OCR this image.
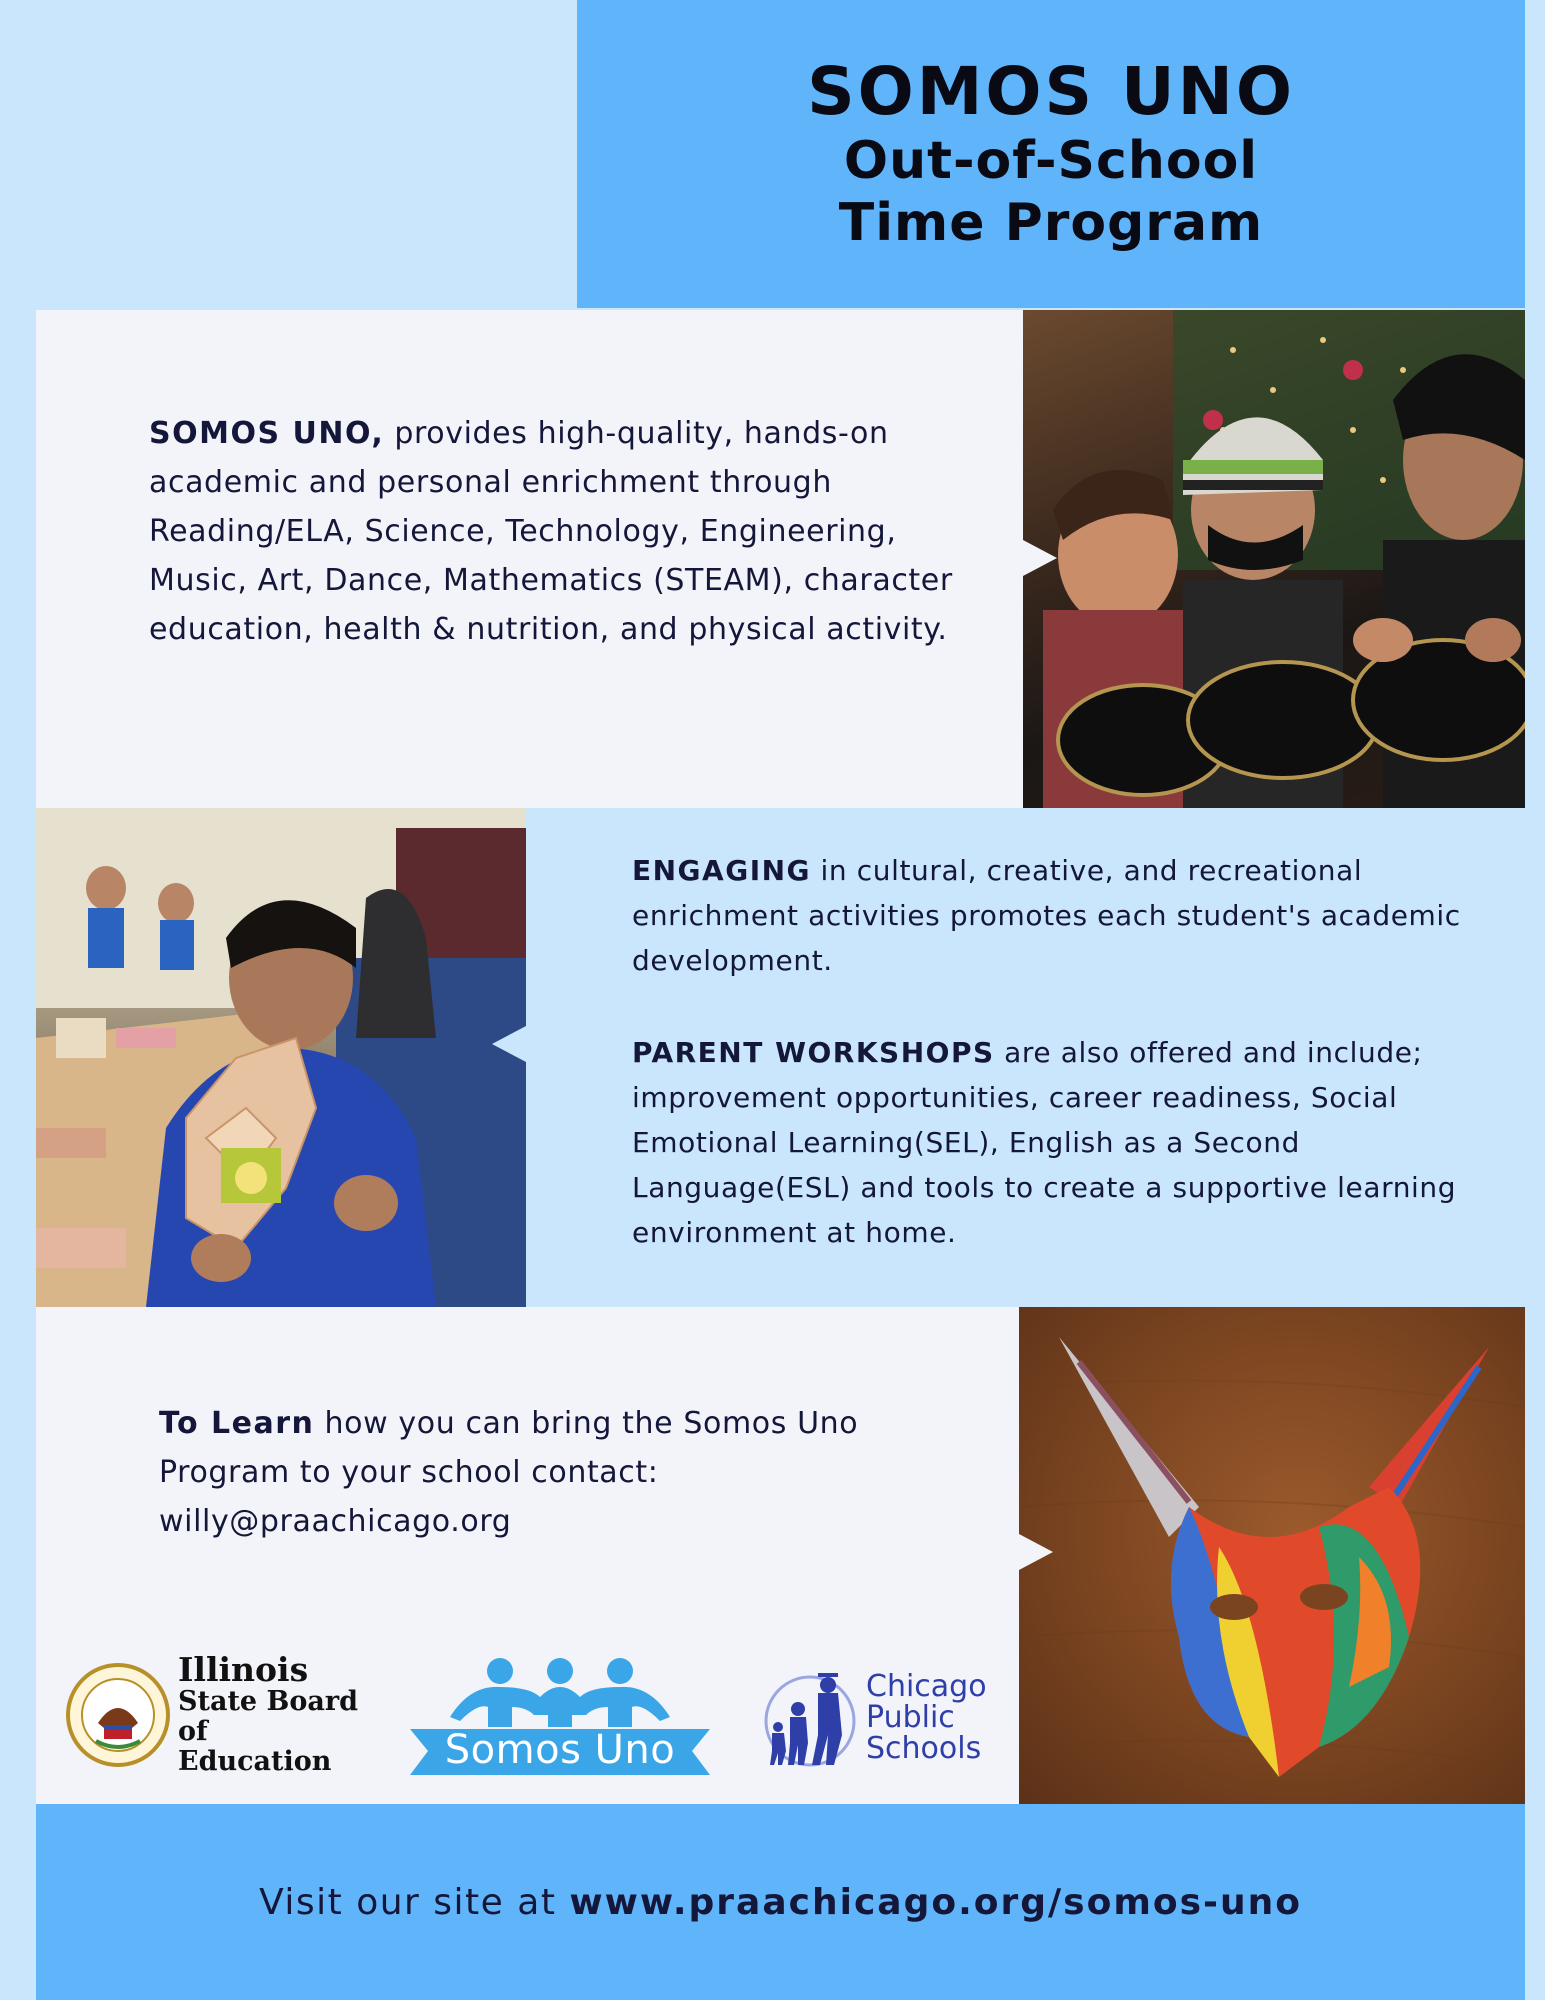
SOMOS UNO
Out-of-School
Time Program
SOMOS UNO, provides high-quality, hands-on academic and personal enrichment through Reading/ELA, Science, Technology, Engineering, Music, Art, Dance, Mathematics (STEAM), character education, health & nutrition, and physical activity.
ENGAGING in cultural, creative, and recreational enrichment activities promotes each student's academic development.
PARENT WORKSHOPS are also offered and include; improvement opportunities, career readiness, Social Emotional Learning(SEL), English as a Second Language(ESL) and tools to create a supportive learning environment at home.
To Learn how you can bring the Somos Uno Program to your school contact:
willy@praachicago.org
Illinois
State Board of
Education	Somos Uno
Chicago
Public
Schools
Visit our site at www.praachicago.org/somos-uno
